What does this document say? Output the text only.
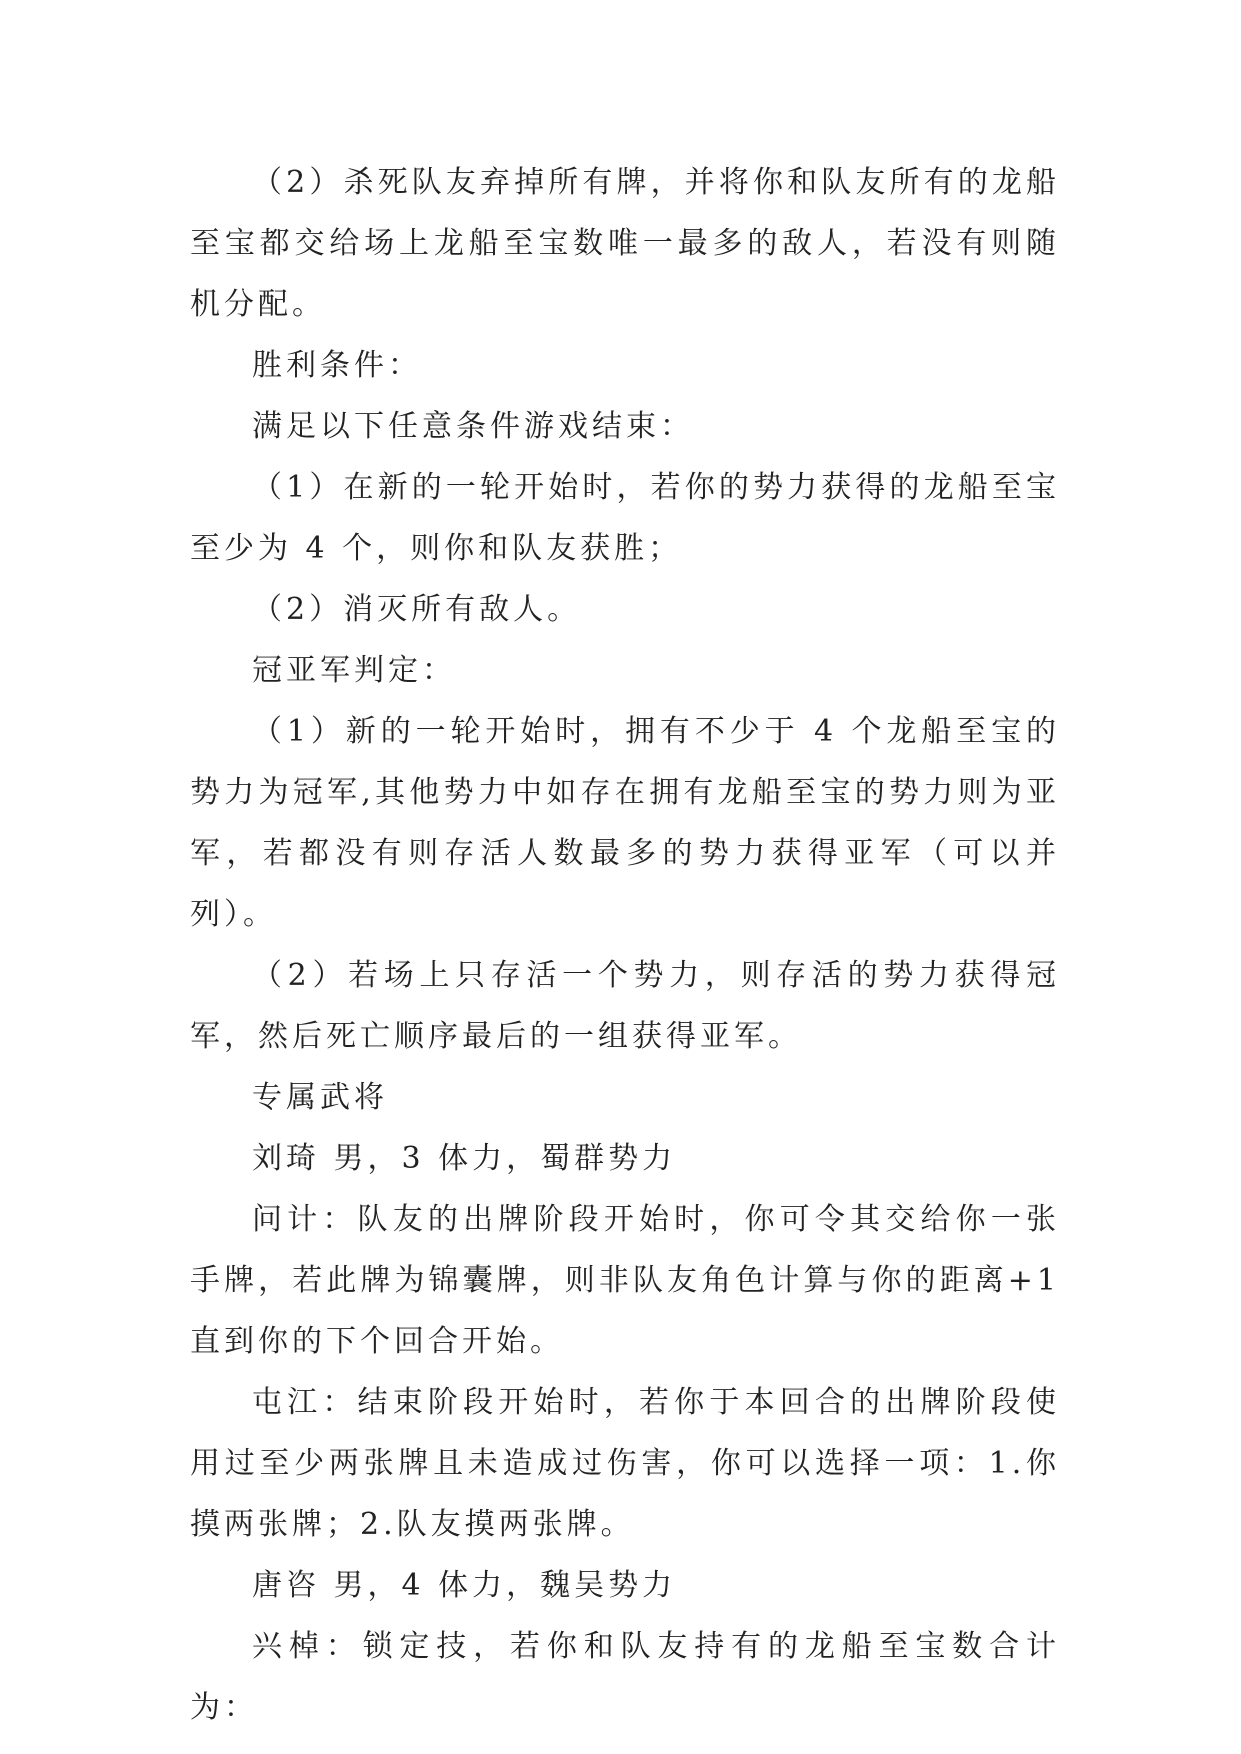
（2）杀死队友弃掉所有牌，并将你和队友所有的龙船至宝都交给场上龙船至宝数唯一最多的敌人，若没有则随机分配。

胜利条件：

满足以下任意条件游戏结束：

（1）在新的一轮开始时，若你的势力获得的龙船至宝至少为 4 个，则你和队友获胜；

（2）消灭所有敌人。

冠亚军判定：

（1）新的一轮开始时，拥有不少于 4 个龙船至宝的势力为冠军,其他势力中如存在拥有龙船至宝的势力则为亚军，若都没有则存活人数最多的势力获得亚军（可以并列）。

（2）若场上只存活一个势力，则存活的势力获得冠军，然后死亡顺序最后的一组获得亚军。

专属武将

刘琦 男，3 体力，蜀群势力

问计：队友的出牌阶段开始时，你可令其交给你一张手牌，若此牌为锦囊牌，则非队友角色计算与你的距离+1 直到你的下个回合开始。

屯江：结束阶段开始时，若你于本回合的出牌阶段使用过至少两张牌且未造成过伤害，你可以选择一项：1.你摸两张牌；2.队友摸两张牌。

唐咨 男，4 体力，魏吴势力

兴棹：锁定技，若你和队友持有的龙船至宝数合计为：
